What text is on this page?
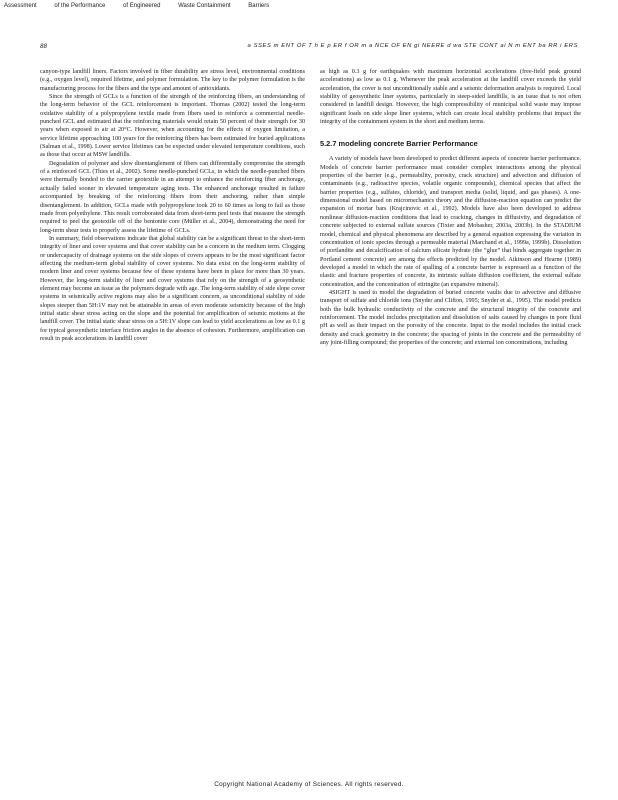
Assessment	of the Performance	of Engineered	Waste Containment	Barriers
88	a SSES m ENT OF T h E p ER f OR m a NCE OF EN gi NEERE d wa STE CONT ai N m ENT ba RR i ERS

canyon-type landfill liners. Factors involved in fiber durability are stress level, environmental conditions (e.g., oxygen level), required lifetime, and polymer formulation. The key to the polymer formulation is the manufacturing process for the fibers and the type and amount of antioxidants.

Since the strength of GCLs is a function of the strength of the reinforcing fibers, an understanding of the long-term behavior of the GCL reinforcement is important. Thomas (2002) tested the long-term oxidative stability of a polypropylene textile made from fibers used to reinforce a commercial needle-punched GCL and estimated that the reinforcing materials would retain 50 percent of their strength for 30 years when exposed to air at 20°C. However, when accounting for the effects of oxygen limitation, a service lifetime approaching 100 years for the reinforcing fibers has been estimated for buried applications (Salman et al., 1998). Lower service lifetimes can be expected under elevated temperature conditions, such as those that occur at MSW landfills.

Degradation of polymer and slow disentanglement of fibers can differentially compromise the strength of a reinforced GCL (Thies et al., 2002). Some needle-punched GCLs, in which the needle-punched fibers were thermally bonded to the carrier geotextile in an attempt to enhance the reinforcing fiber anchorage, actually failed sooner in elevated temperature aging tests. The enhanced anchorage resulted in failure accompanied by breaking of the reinforcing fibers from their anchoring, rather than simple disentanglement. In addition, GCLs made with polypropylene took 20 to 60 times as long to fail as those made from polyethylene. This result corroborated data from short-term peel tests that measure the strength required to peel the geotextile off of the bentonite core (Müller et al., 2004), demonstrating the need for long-term shear tests to properly assess the lifetime of GCLs.

In summary, field observations indicate that global stability can be a significant threat to the short-term integrity of liner and cover systems and that cover stability can be a concern in the medium term. Clogging or undercapacity of drainage systems on the side slopes of covers appears to be the most significant factor affecting the medium-term global stability of cover systems. No data exist on the long-term stability of modern liner and cover systems because few of these systems have been in place for more than 30 years. However, the long-term stability of liner and cover systems that rely on the strength of a geosynthetic element may become an issue as the polymers degrade with age. The long-term stability of side slope cover systems in seismically active regions may also be a significant concern, as unconditional stability of side slopes steeper than 5H:1V may not be attainable in areas of even moderate seismicity because of the high initial static shear stress acting on the slope and the potential for amplification of seismic motions at the landfill cover. The initial static shear stress on a 5H:1V slope can lead to yield accelerations as low as 0.1 g for typical geosynthetic interface friction angles in the absence of cohesion. Furthermore, amplification can result in peak accelerations in landfill cover

as high as 0.3 g for earthquakes with maximum horizontal accelerations (free-field peak ground accelerations) as low as 0.1 g. Whenever the peak acceleration at the landfill cover exceeds the yield acceleration, the cover is not unconditionally stable and a seismic deformation analysis is required. Local stability of geosynthetic liner systems, particularly in steep-sided landfills, is an issue that is not often considered in landfill design. However, the high compressibility of municipal solid waste may impose significant loads on side slope liner systems, which can create local stability problems that impact the integrity of the containment system in the short and medium terms.

5.2.7 modeling concrete Barrier Performance

A variety of models have been developed to predict different aspects of concrete barrier performance. Models of concrete barrier performance must consider complex interactions among the physical properties of the barrier (e.g., permeability, porosity, crack structure) and advection and diffusion of contaminants (e.g., radioactive species, volatile organic compounds), chemical species that affect the barrier properties (e.g., sulfates, chloride), and transport media (solid, liquid, and gas phases). A one-dimensional model based on micromechanics theory and the diffusion-reaction equation can predict the expansion of mortar bars (Krajcinovic et al., 1992). Models have also been developed to address nonlinear diffusion-reaction conditions that lead to cracking, changes in diffusivity, and degradation of concrete subjected to external sulfate sources (Tixier and Mobasher, 2003a, 2003b). In the STADIUM model, chemical and physical phenomena are described by a general equation expressing the variation in concentration of ionic species through a permeable material (Marchand et al., 1999a, 1999b). Dissolution of portlandite and decalcification of calcium silicate hydrate (the “glue” that binds aggregate together in Portland cement concrete) are among the effects predicted by the model. Atkinson and Hearne (1989) developed a model in which the rate of spalling of a concrete barrier is expressed as a function of the elastic and fracture properties of concrete, its intrinsic sulfate diffusion coefficient, the external sulfate concentration, and the concentration of ettringite (an expansive mineral).

4SIGHT is used to model the degradation of buried concrete vaults due to advective and diffusive transport of sulfate and chloride ions (Snyder and Clifton, 1995; Snyder et al., 1995). The model predicts both the bulk hydraulic conductivity of the concrete and the structural integrity of the concrete and reinforcement. The model includes precipitation and dissolution of salts caused by changes in pore fluid pH as well as their impact on the porosity of the concrete. Input to the model includes the initial crack density and crack geometry in the concrete; the spacing of joints in the concrete and the permeability of any joint-filling compound; the properties of the concrete; and external ion concentrations, including

Copyright National Academy of Sciences. All rights reserved.
